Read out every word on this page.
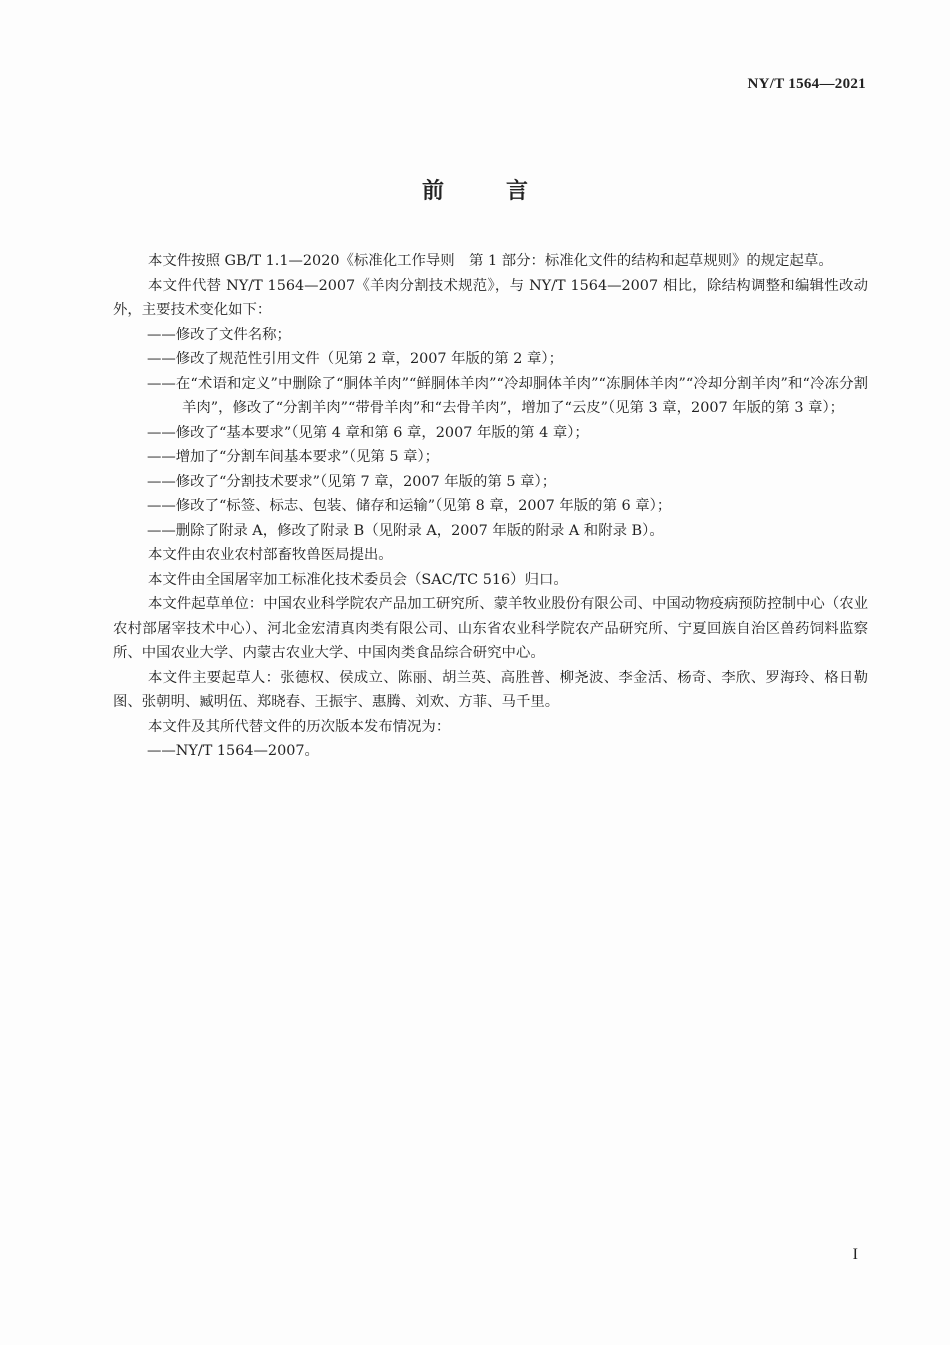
NY/T 1564—2021
前言

本文件按照 GB/T 1.1—2020《标准化工作导则　第 1 部分：标准化文件的结构和起草规则》的规定起草。

本文件代替 NY/T 1564—2007《羊肉分割技术规范》，与 NY/T 1564—2007 相比，除结构调整和编辑性改动外，主要技术变化如下：

——修改了文件名称；

——修改了规范性引用文件（见第 2 章，2007 年版的第 2 章）；

——在“术语和定义”中删除了“胴体羊肉”“鲜胴体羊肉”“冷却胴体羊肉”“冻胴体羊肉”“冷却分割羊肉”和“冷冻分割羊肉”，修改了“分割羊肉”“带骨羊肉”和“去骨羊肉”，增加了“云皮”（见第 3 章，2007 年版的第 3 章）；

——修改了“基本要求”（见第 4 章和第 6 章，2007 年版的第 4 章）；

——增加了“分割车间基本要求”（见第 5 章）；

——修改了“分割技术要求”（见第 7 章，2007 年版的第 5 章）；

——修改了“标签、标志、包装、储存和运输”（见第 8 章，2007 年版的第 6 章）；

——删除了附录 A，修改了附录 B（见附录 A，2007 年版的附录 A 和附录 B）。

本文件由农业农村部畜牧兽医局提出。

本文件由全国屠宰加工标准化技术委员会（SAC/TC 516）归口。

本文件起草单位：中国农业科学院农产品加工研究所、蒙羊牧业股份有限公司、中国动物疫病预防控制中心（农业农村部屠宰技术中心）、河北金宏清真肉类有限公司、山东省农业科学院农产品研究所、宁夏回族自治区兽药饲料监察所、中国农业大学、内蒙古农业大学、中国肉类食品综合研究中心。

本文件主要起草人：张德权、侯成立、陈丽、胡兰英、高胜普、柳尧波、李金活、杨奇、李欣、罗海玲、格日勒图、张朝明、臧明伍、郑晓春、王振宇、惠腾、刘欢、方菲、马千里。

本文件及其所代替文件的历次版本发布情况为：

——NY/T 1564—2007。

I
